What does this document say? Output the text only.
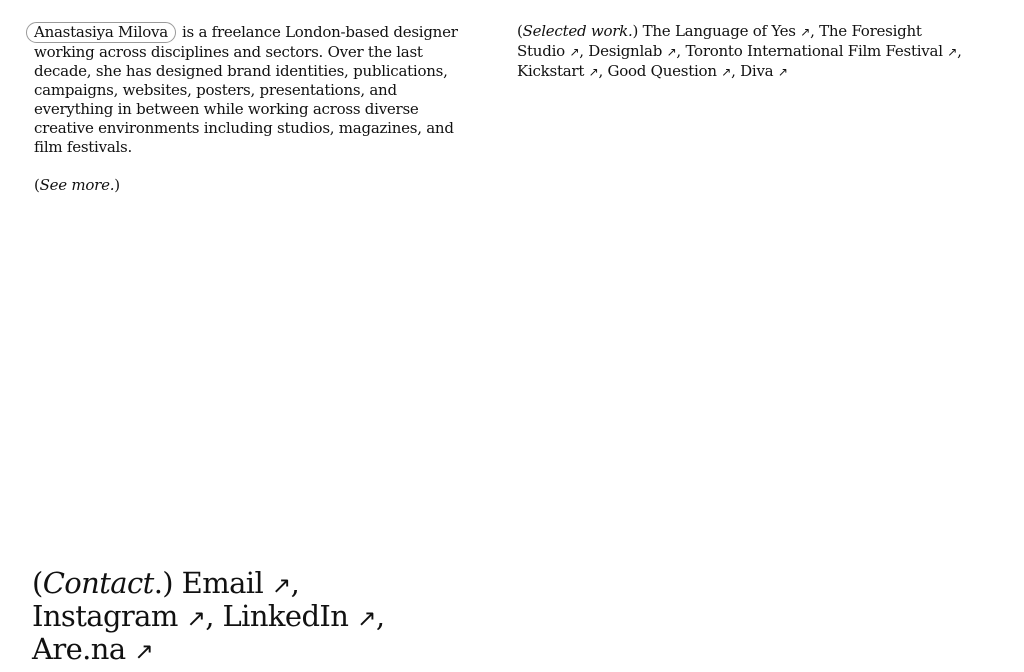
Anastasiya Milova is a freelance London-based designer working across disciplines and sectors. Over the last decade, she has designed brand identities, publications, campaigns, websites, posters, presentations, and everything in between while working across diverse creative environments including studios, magazines, and film festivals.
(See more.)
(Selected work.) The Language of Yes ↗, The Foresight Studio ↗, Designlab ↗, Toronto International Film Festival ↗, Kickstart ↗, Good Question ↗, Diva ↗
(Contact.) Email ↗, Instagram ↗, LinkedIn ↗, Are.na ↗
